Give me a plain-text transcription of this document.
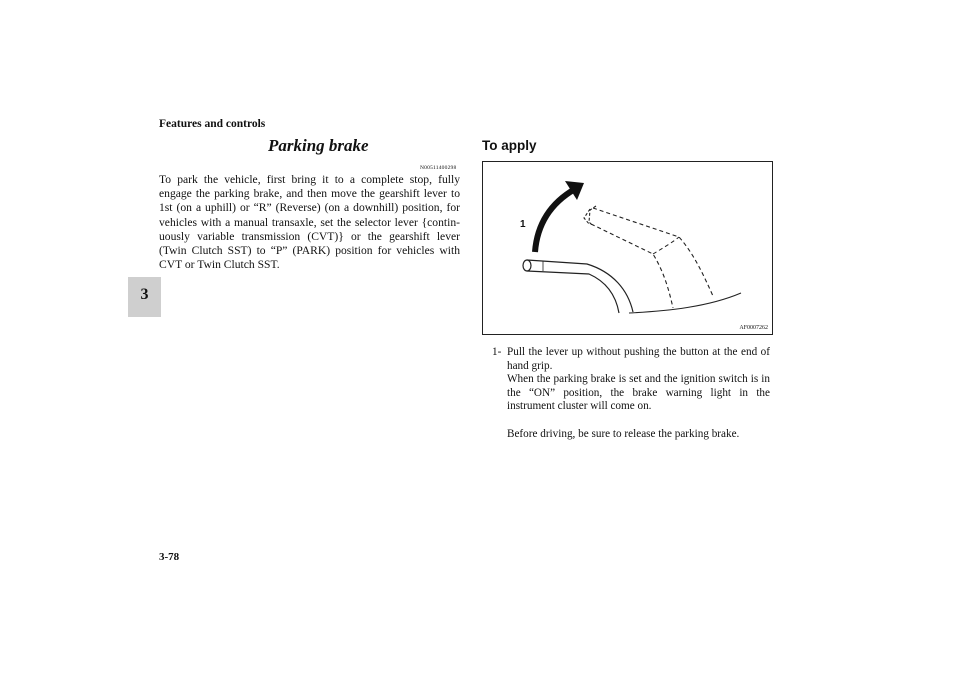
Features and controls
3
Parking brake
N00511400298

To park the vehicle, first bring it to a complete stop, fully engage the parking brake, and then move the gearshift lever to 1st (on a uphill) or “R” (Reverse) (on a downhill) position, for vehicles with a manual transaxle, set the selector lever {contin-uously variable transmission (CVT)} or the gearshift lever (Twin Clutch SST) to “P” (PARK) position for vehicles with CVT or Twin Clutch SST.

To apply
1
AF0007262
1- Pull the lever up without pushing the button at the end of hand grip.

When the parking brake is set and the ignition switch is in the “ON” position, the brake warning light in the instrument cluster will come on.

Before driving, be sure to release the parking brake.

3-78
